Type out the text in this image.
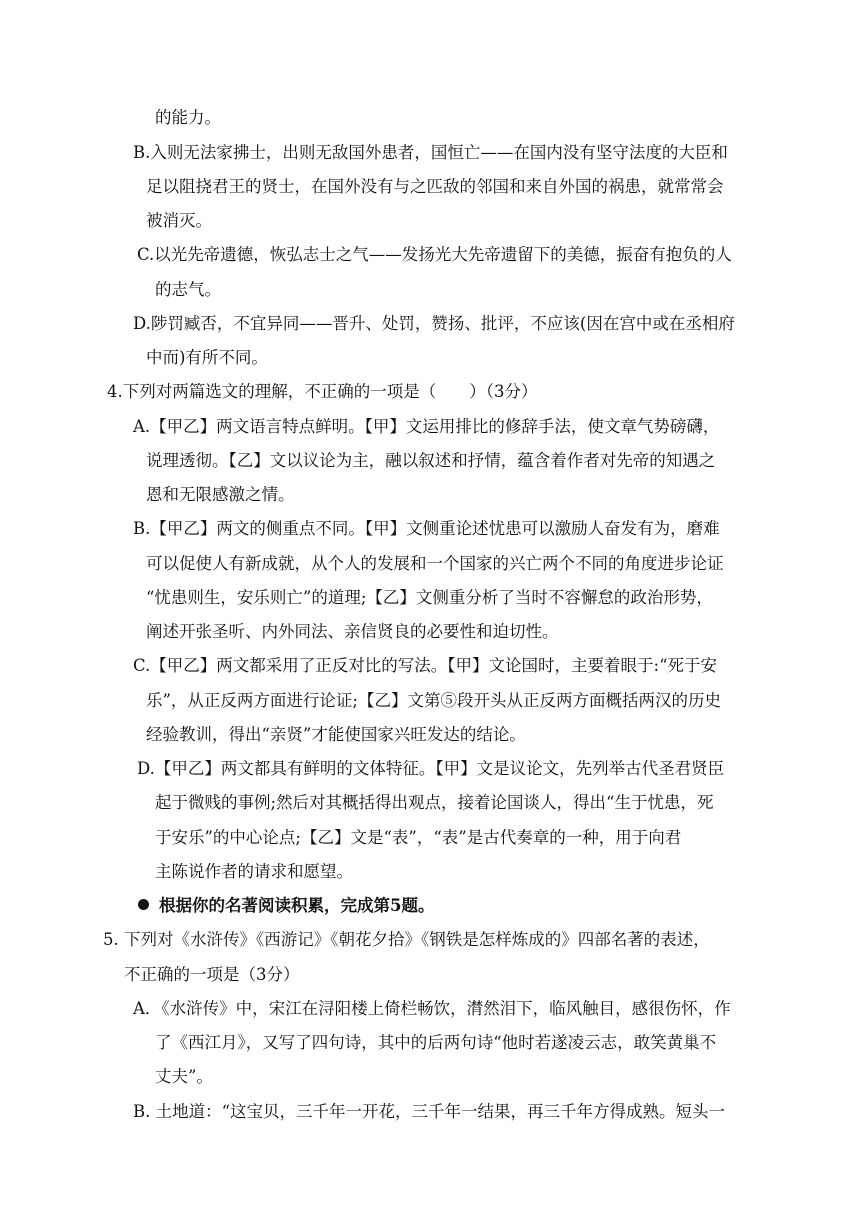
的能力。
B.入则无法家拂士，出则无敌国外患者，国恒亡——在国内没有坚守法度的大臣和
足以阻挠君王的贤士，在国外没有与之匹敌的邻国和来自外国的祸患，就常常会
被消灭。
C.以光先帝遗德，恢弘志士之气——发扬光大先帝遗留下的美德，振奋有抱负的人
的志气。
D.陟罚臧否，不宜异同——晋升、处罚，赞扬、批评，不应该(因在宫中或在丞相府
中而)有所不同。
4.下列对两篇选文的理解，不正确的一项是（　　）（3分）
A.【甲乙】两文语言特点鲜明。【甲】文运用排比的修辞手法，使文章气势磅礴，
说理透彻。【乙】文以议论为主，融以叙述和抒情，蕴含着作者对先帝的知遇之
恩和无限感激之情。
B.【甲乙】两文的侧重点不同。【甲】文侧重论述忧患可以激励人奋发有为，磨难
可以促使人有新成就，从个人的发展和一个国家的兴亡两个不同的角度进步论证
“忧患则生，安乐则亡”的道理;【乙】文侧重分析了当时不容懈怠的政治形势，
阐述开张圣听、内外同法、亲信贤良的必要性和迫切性。
C.【甲乙】两文都采用了正反对比的写法。【甲】文论国时，主要着眼于:“死于安
乐”，从正反两方面进行论证;【乙】文第⑤段开头从正反两方面概括两汉的历史
经验教训，得出“亲贤”才能使国家兴旺发达的结论。
D.【甲乙】两文都具有鲜明的文体特征。【甲】文是议论文，先列举古代圣君贤臣
起于微贱的事例;然后对其概括得出观点，接着论国谈人，得出“生于忧患，死
于安乐”的中心论点;【乙】文是“表”，“表”是古代奏章的一种，用于向君
主陈说作者的请求和愿望。
根据你的名著阅读积累，完成第5题。
5. 下列对《水浒传》《西游记》《朝花夕拾》《钢铁是怎样炼成的》四部名著的表述，
不正确的一项是（3分）
A．《水浒传》中，宋江在浔阳楼上倚栏畅饮，潸然泪下，临风触目，感很伤怀，作
了《西江月》，又写了四句诗，其中的后两句诗“他时若遂凌云志，敢笑黄巢不
丈夫”。
B. 土地道：“这宝贝，三千年一开花，三千年一结果，再三千年方得成熟。短头一
